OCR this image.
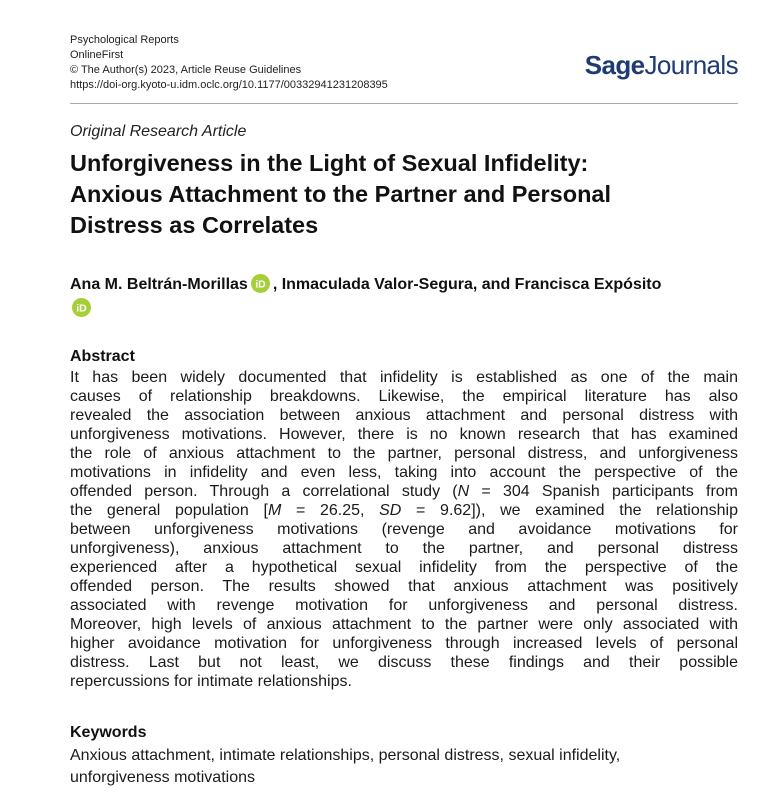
Psychological Reports
OnlineFirst
© The Author(s) 2023, Article Reuse Guidelines
https://doi-org.kyoto-u.idm.oclc.org/10.1177/00332941231208395
SageJournals
Original Research Article
Unforgiveness in the Light of Sexual Infidelity:
Anxious Attachment to the Partner and Personal
Distress as Correlates
Ana M. Beltrán-Morillas iD , Inmaculada Valor-Segura, and Francisca Expósito
iD
Abstract
It has been widely documented that infidelity is established as one of the main
causes of relationship breakdowns. Likewise, the empirical literature has also
revealed the association between anxious attachment and personal distress with
unforgiveness motivations. However, there is no known research that has examined
the role of anxious attachment to the partner, personal distress, and unforgiveness
motivations in infidelity and even less, taking into account the perspective of the
offended person. Through a correlational study (N = 304 Spanish participants from
the general population [M = 26.25, SD = 9.62]), we examined the relationship
between unforgiveness motivations (revenge and avoidance motivations for
unforgiveness), anxious attachment to the partner, and personal distress
experienced after a hypothetical sexual infidelity from the perspective of the
offended person. The results showed that anxious attachment was positively
associated with revenge motivation for unforgiveness and personal distress.
Moreover, high levels of anxious attachment to the partner were only associated with
higher avoidance motivation for unforgiveness through increased levels of personal
distress. Last but not least, we discuss these findings and their possible
repercussions for intimate relationships.
Keywords
Anxious attachment, intimate relationships, personal distress, sexual infidelity,
unforgiveness motivations
